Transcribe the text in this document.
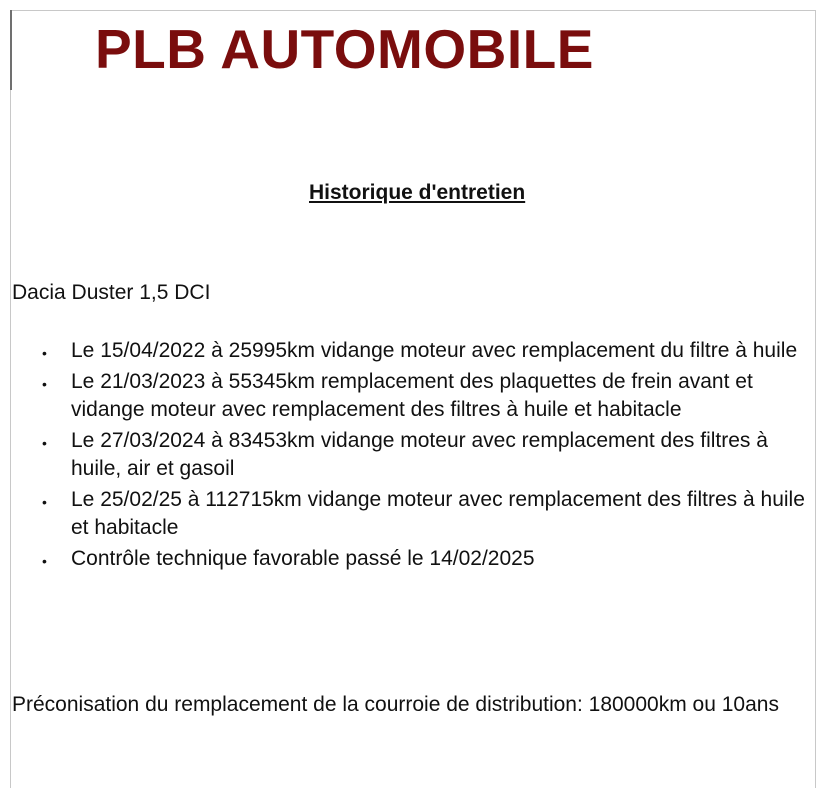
PLB AUTOMOBILE
Historique d'entretien
Dacia Duster 1,5 DCI
• Le 15/04/2022 à 25995km vidange moteur avec remplacement du filtre à huile
• Le 21/03/2023 à 55345km remplacement des plaquettes de frein avant et vidange moteur avec remplacement des filtres à huile et habitacle
• Le 27/03/2024 à 83453km vidange moteur avec remplacement des filtres à huile, air et gasoil
• Le 25/02/25 à 112715km vidange moteur avec remplacement des filtres à huile et habitacle
• Contrôle technique favorable passé le 14/02/2025
Préconisation du remplacement de la courroie de distribution: 180000km ou 10ans
